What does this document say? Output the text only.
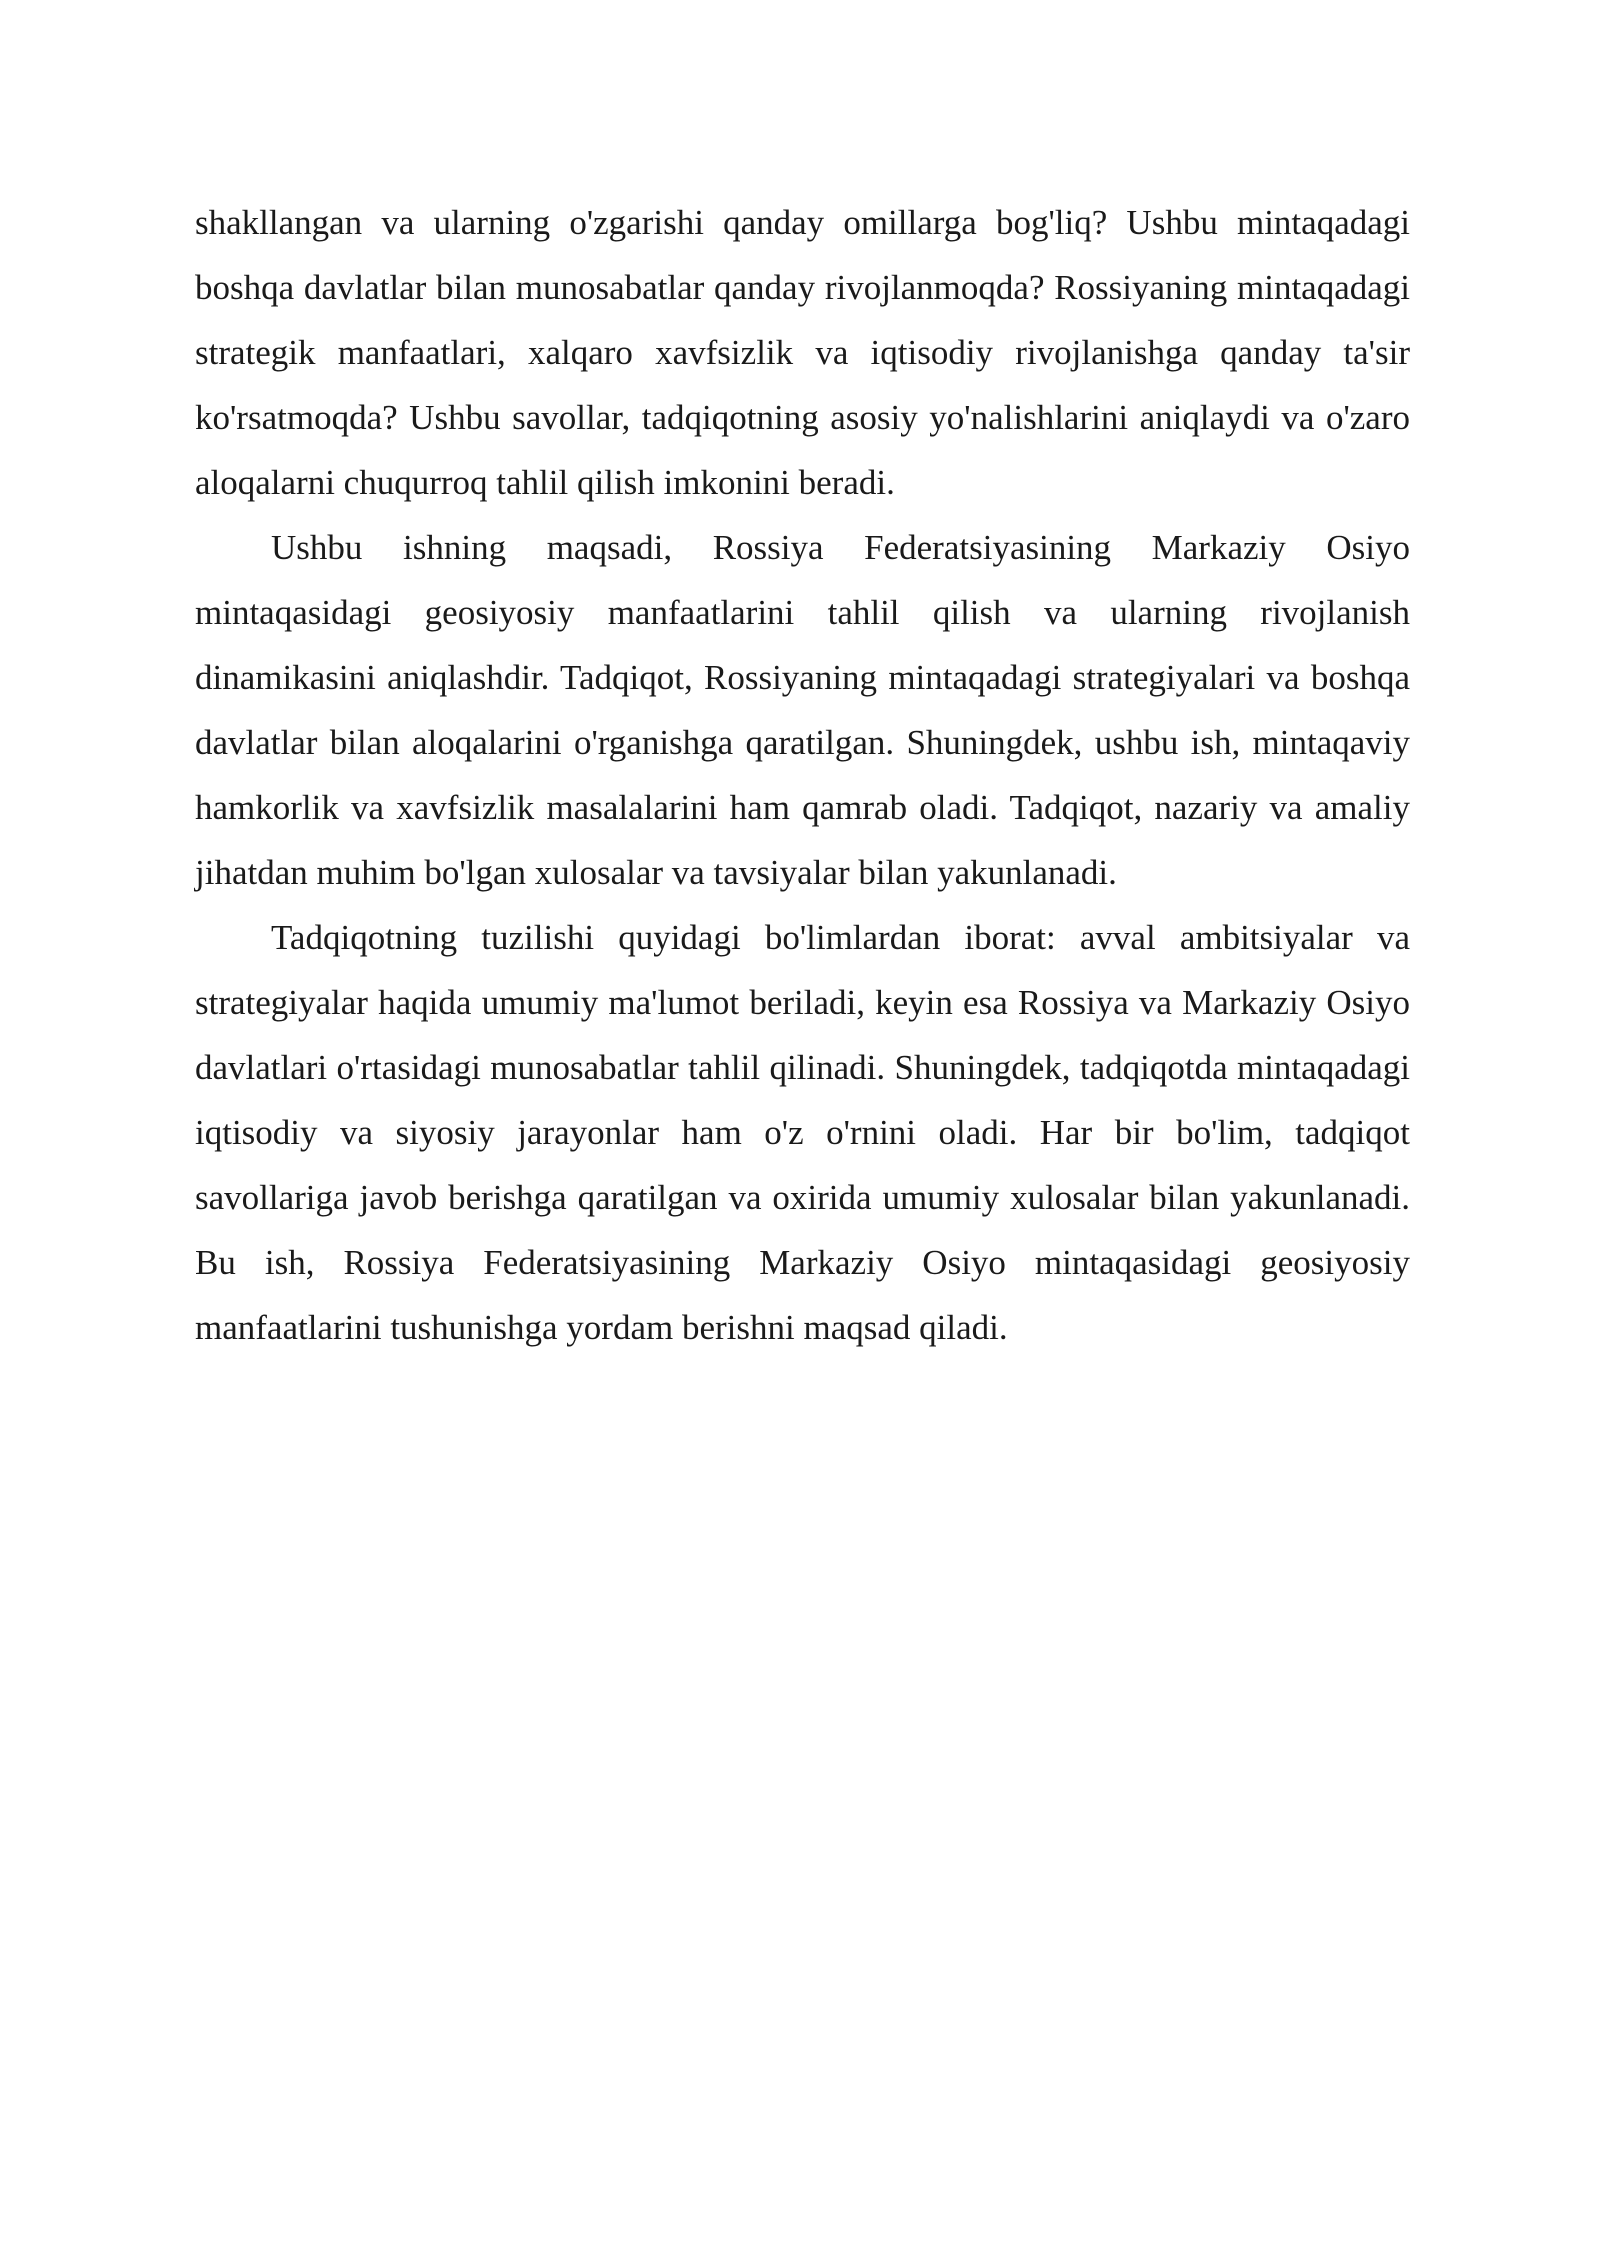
shakllangan va ularning o'zgarishi qanday omillarga bog'liq? Ushbu mintaqadagi boshqa davlatlar bilan munosabatlar qanday rivojlanmoqda? Rossiyaning mintaqadagi strategik manfaatlari, xalqaro xavfsizlik va iqtisodiy rivojlanishga qanday ta'sir ko'rsatmoqda? Ushbu savollar, tadqiqotning asosiy yo'nalishlarini aniqlaydi va o'zaro aloqalarni chuqurroq tahlil qilish imkonini beradi.

Ushbu ishning maqsadi, Rossiya Federatsiyasining Markaziy Osiyo mintaqasidagi geosiyosiy manfaatlarini tahlil qilish va ularning rivojlanish dinamikasini aniqlashdir. Tadqiqot, Rossiyaning mintaqadagi strategiyalari va boshqa davlatlar bilan aloqalarini o'rganishga qaratilgan. Shuningdek, ushbu ish, mintaqaviy hamkorlik va xavfsizlik masalalarini ham qamrab oladi. Tadqiqot, nazariy va amaliy jihatdan muhim bo'lgan xulosalar va tavsiyalar bilan yakunlanadi.

Tadqiqotning tuzilishi quyidagi bo'limlardan iborat: avval ambitsiyalar va strategiyalar haqida umumiy ma'lumot beriladi, keyin esa Rossiya va Markaziy Osiyo davlatlari o'rtasidagi munosabatlar tahlil qilinadi. Shuningdek, tadqiqotda mintaqadagi iqtisodiy va siyosiy jarayonlar ham o'z o'rnini oladi. Har bir bo'lim, tadqiqot savollariga javob berishga qaratilgan va oxirida umumiy xulosalar bilan yakunlanadi. Bu ish, Rossiya Federatsiyasining Markaziy Osiyo mintaqasidagi geosiyosiy manfaatlarini tushunishga yordam berishni maqsad qiladi.
